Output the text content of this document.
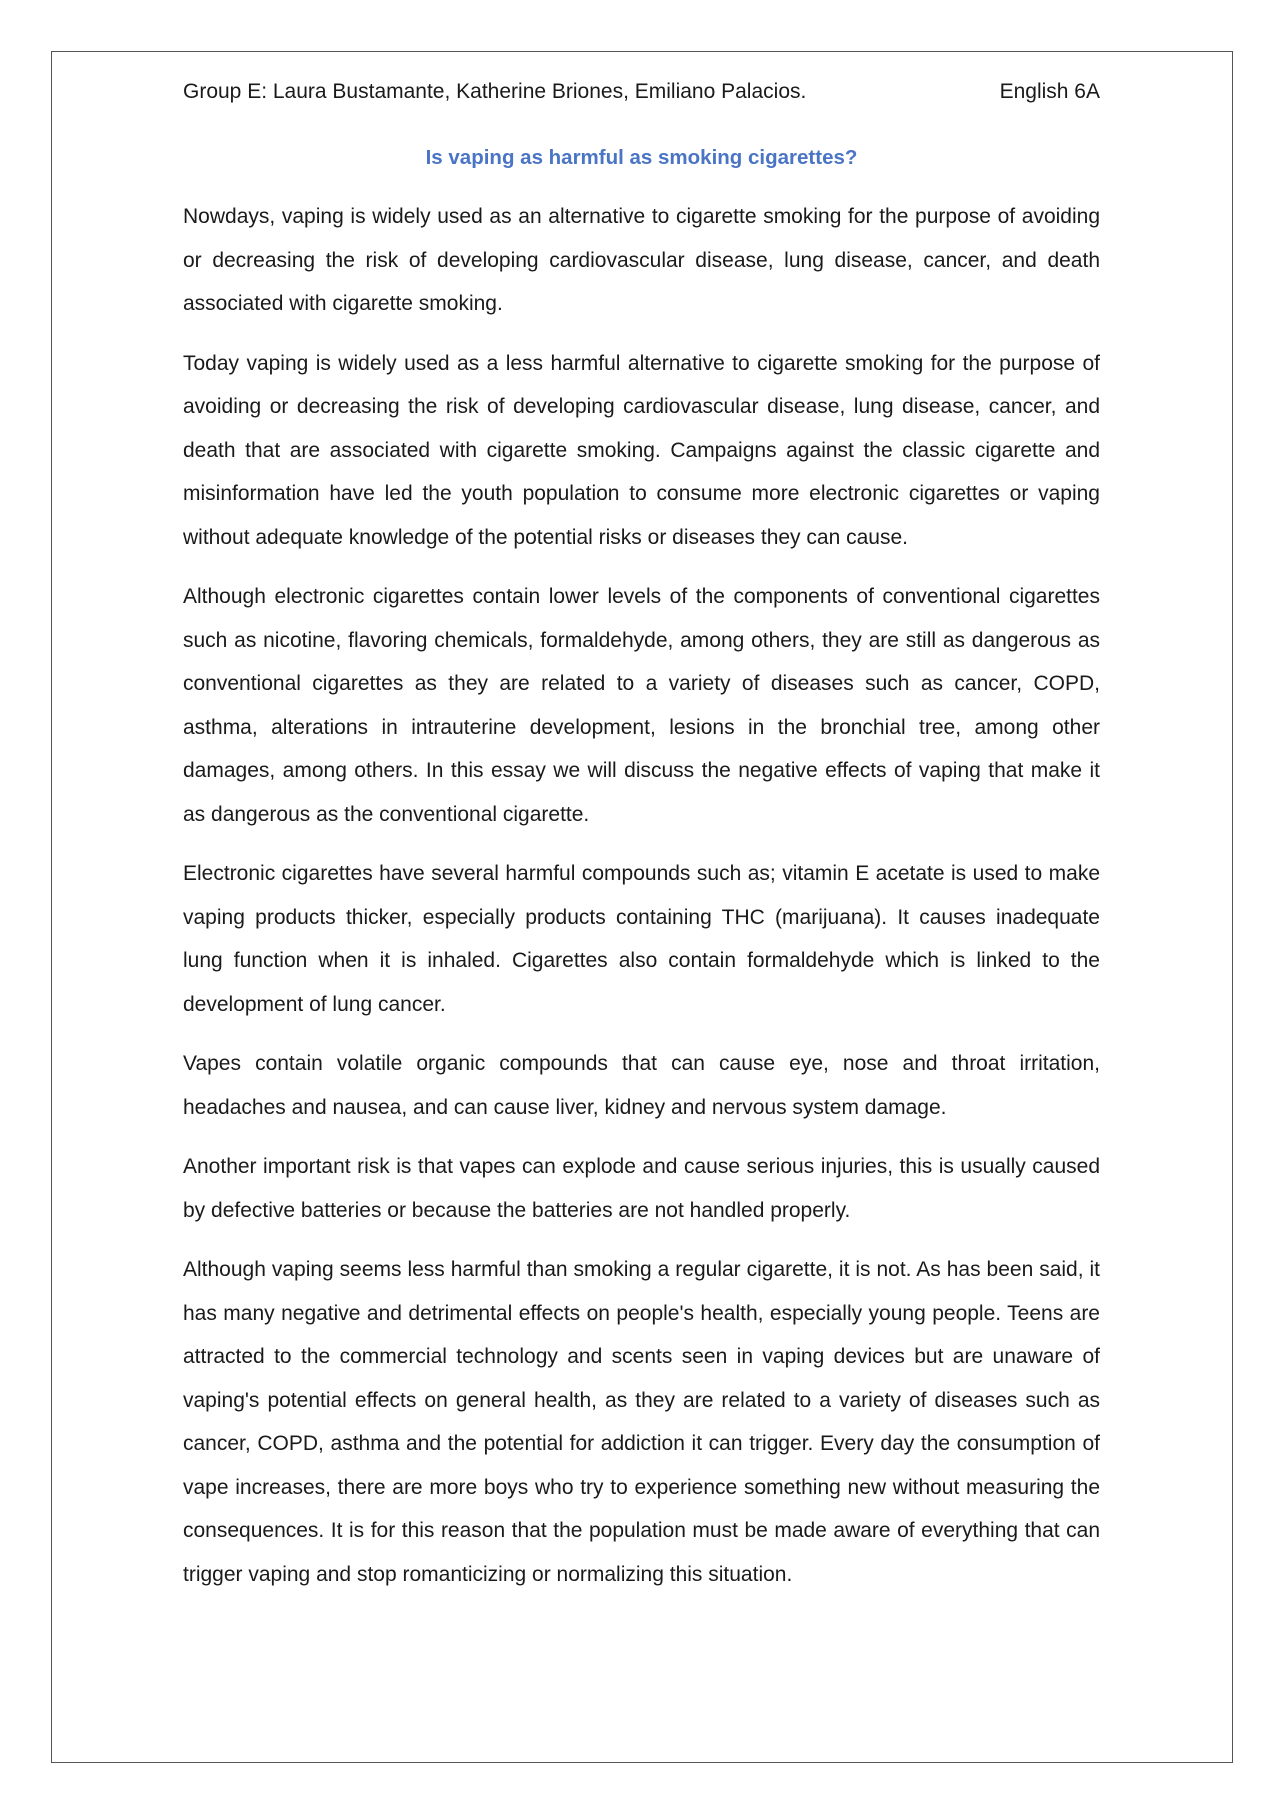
Group E: Laura Bustamante, Katherine Briones, Emiliano Palacios.	English 6A
Is vaping as harmful as smoking cigarettes?

Nowdays, vaping is widely used as an alternative to cigarette smoking for the purpose of avoiding or decreasing the risk of developing cardiovascular disease, lung disease, cancer, and death associated with cigarette smoking.

Today vaping is widely used as a less harmful alternative to cigarette smoking for the purpose of avoiding or decreasing the risk of developing cardiovascular disease, lung disease, cancer, and death that are associated with cigarette smoking. Campaigns against the classic cigarette and misinformation have led the youth population to consume more electronic cigarettes or vaping without adequate knowledge of the potential risks or diseases they can cause.

Although electronic cigarettes contain lower levels of the components of conventional cigarettes such as nicotine, flavoring chemicals, formaldehyde, among others, they are still as dangerous as conventional cigarettes as they are related to a variety of diseases such as cancer, COPD, asthma, alterations in intrauterine development, lesions in the bronchial tree, among other damages, among others. In this essay we will discuss the negative effects of vaping that make it as dangerous as the conventional cigarette.

Electronic cigarettes have several harmful compounds such as; vitamin E acetate is used to make vaping products thicker, especially products containing THC (marijuana). It causes inadequate lung function when it is inhaled. Cigarettes also contain formaldehyde which is linked to the development of lung cancer.

Vapes contain volatile organic compounds that can cause eye, nose and throat irritation, headaches and nausea, and can cause liver, kidney and nervous system damage.

Another important risk is that vapes can explode and cause serious injuries, this is usually caused by defective batteries or because the batteries are not handled properly.

Although vaping seems less harmful than smoking a regular cigarette, it is not. As has been said, it has many negative and detrimental effects on people's health, especially young people. Teens are attracted to the commercial technology and scents seen in vaping devices but are unaware of vaping's potential effects on general health, as they are related to a variety of diseases such as cancer, COPD, asthma and the potential for addiction it can trigger. Every day the consumption of vape increases, there are more boys who try to experience something new without measuring the consequences. It is for this reason that the population must be made aware of everything that can trigger vaping and stop romanticizing or normalizing this situation.
